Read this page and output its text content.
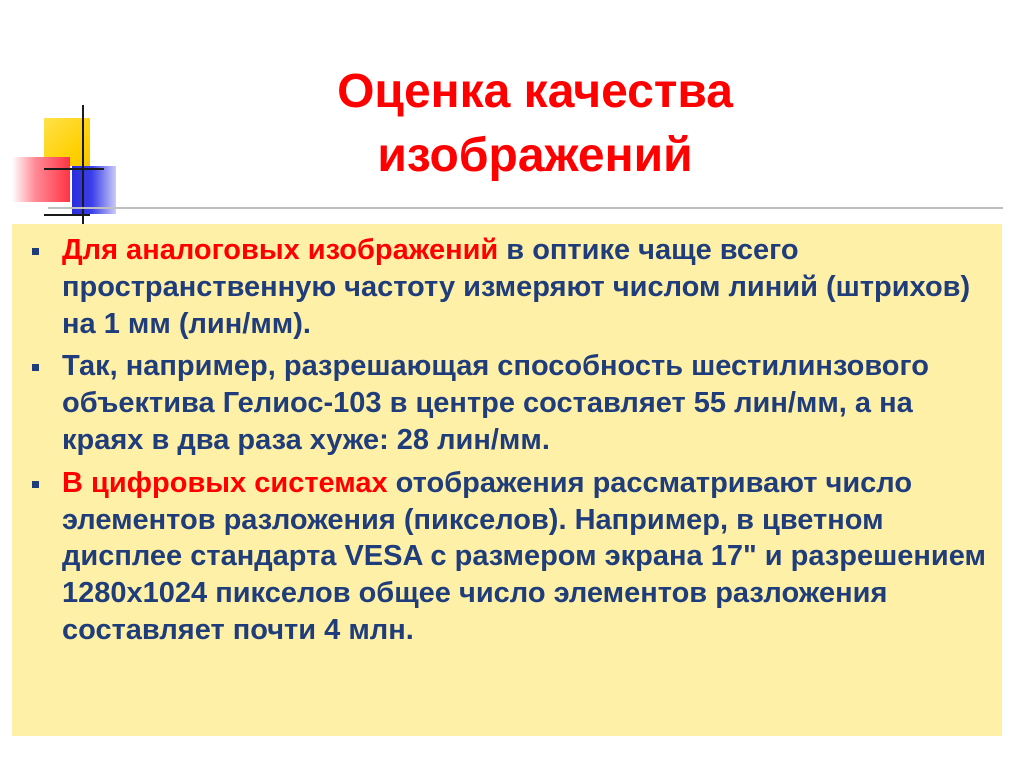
Оценка качества
изображений
Для аналоговых изображений в оптике чаще всего пространственную частоту измеряют числом линий (штрихов) на 1 мм (лин/мм).
Так, например, разрешающая способность шестилинзового объектива Гелиос-103 в центре составляет 55 лин/мм, а на краях в два раза хуже: 28 лин/мм.
В цифровых системах отображения рассматривают число элементов разложения (пикселов). Например, в цветном дисплее стандарта VESA с размером экрана 17" и разрешением 1280х1024 пикселов общее число элементов разложения составляет почти 4 млн.
